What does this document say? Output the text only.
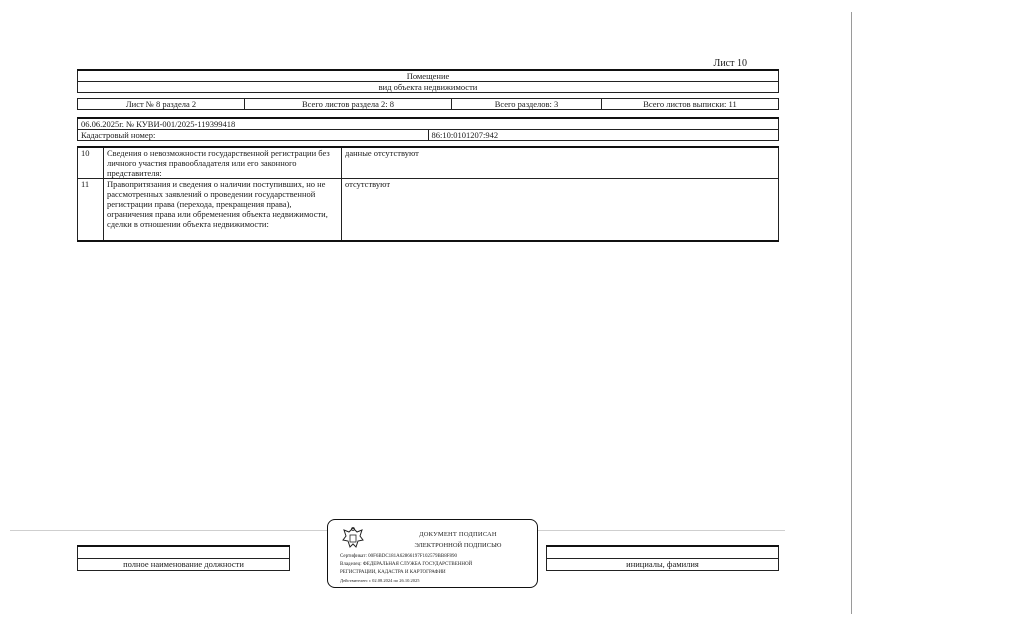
Лист 10
Помещение
вид объекта недвижимости
Лист № 8 раздела 2	Всего листов раздела 2: 8	Всего разделов: 3	Всего листов выписки: 11
06.06.2025г. № КУВИ-001/2025-119399418
Кадастровый номер:	86:10:0101207:942
10	Сведения о невозможности государственной регистрации без личного участия правообладателя или его законного представителя:	данные отсутствуют
11	Правопритязания и сведения о наличии поступивших, но не рассмотренных заявлений о проведении государственной регистрации права (перехода, прекращения права), ограничения права или обременения объекта недвижимости, сделки в отношении объекта недвижимости:	отсутствуют

полное наименование должности		инициалы, фамилия
ДОКУМЕНТ ПОДПИСАН
ЭЛЕКТРОННОЙ ПОДПИСЬЮ
Сертификат: 00F6BDC181A62866197F102579BB8F890
Владелец: ФЕДЕРАЛЬНАЯ СЛУЖБА ГОСУДАРСТВЕННОЙ
РЕГИСТРАЦИИ, КАДАСТРА И КАРТОГРАФИИ
Действителен: с 02.08.2024 по 26.10.2025
